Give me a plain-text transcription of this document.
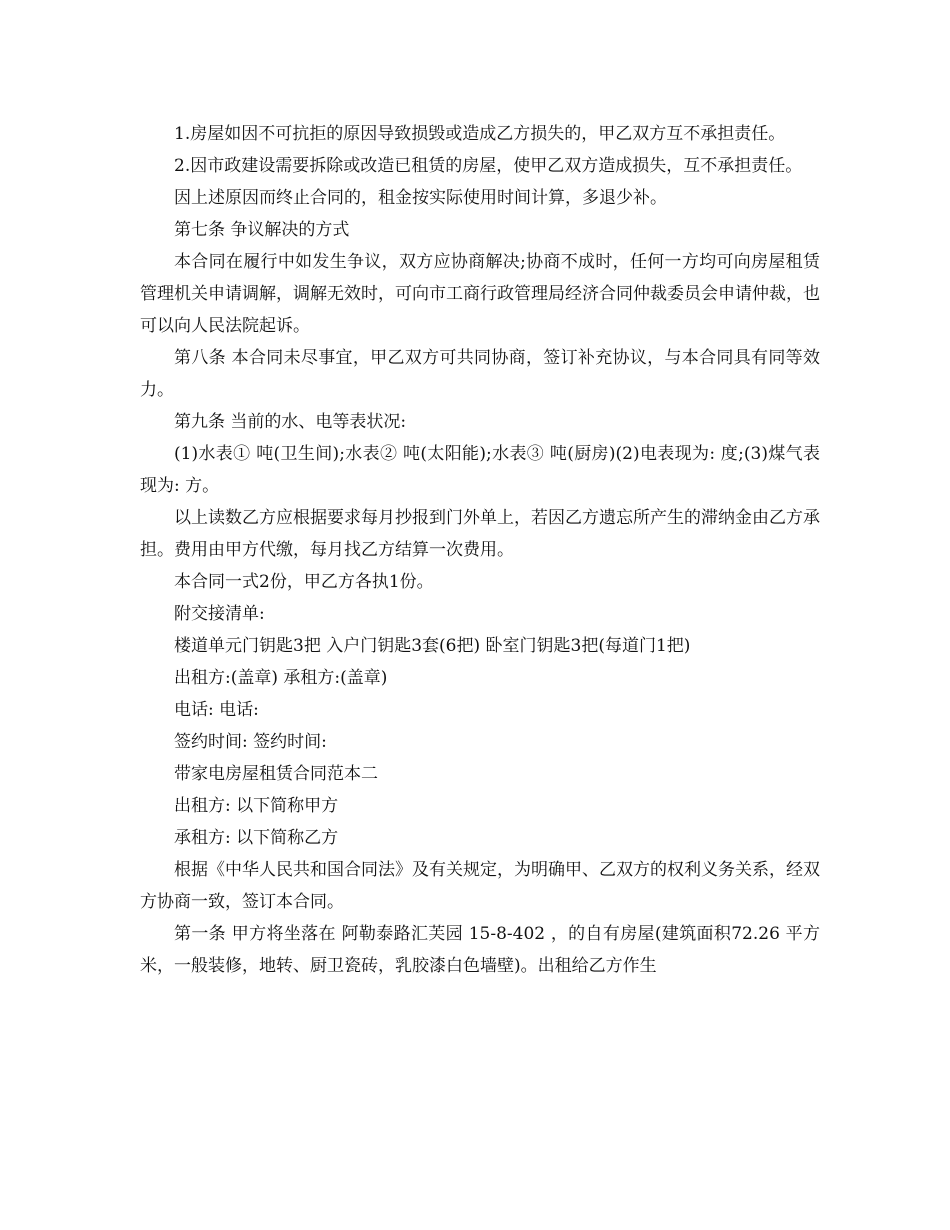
1.房屋如因不可抗拒的原因导致损毁或造成乙方损失的，甲乙双方互不承担责任。

2.因市政建设需要拆除或改造已租赁的房屋，使甲乙双方造成损失，互不承担责任。

因上述原因而终止合同的，租金按实际使用时间计算，多退少补。

第七条 争议解决的方式

本合同在履行中如发生争议，双方应协商解决;协商不成时，任何一方均可向房屋租赁管理机关申请调解，调解无效时，可向市工商行政管理局经济合同仲裁委员会申请仲裁，也可以向人民法院起诉。

第八条 本合同未尽事宜，甲乙双方可共同协商，签订补充协议，与本合同具有同等效力。

第九条 当前的水、电等表状况:

(1)水表① 吨(卫生间);水表② 吨(太阳能);水表③ 吨(厨房)(2)电表现为: 度;(3)煤气表现为: 方。

以上读数乙方应根据要求每月抄报到门外单上，若因乙方遗忘所产生的滞纳金由乙方承担。费用由甲方代缴，每月找乙方结算一次费用。

本合同一式2份，甲乙方各执1份。

附交接清单:

楼道单元门钥匙3把 入户门钥匙3套(6把) 卧室门钥匙3把(每道门1把)

出租方:(盖章) 承租方:(盖章)

电话: 电话:

签约时间: 签约时间:

带家电房屋租赁合同范本二

出租方: 以下简称甲方

承租方: 以下简称乙方

根据《中华人民共和国合同法》及有关规定，为明确甲、乙双方的权利义务关系，经双方协商一致，签订本合同。

第一条 甲方将坐落在 阿勒泰路汇芙园 15-8-402 ，的自有房屋(建筑面积72.26 平方米，一般装修，地转、厨卫瓷砖，乳胶漆白色墙壁)。出租给乙方作生
